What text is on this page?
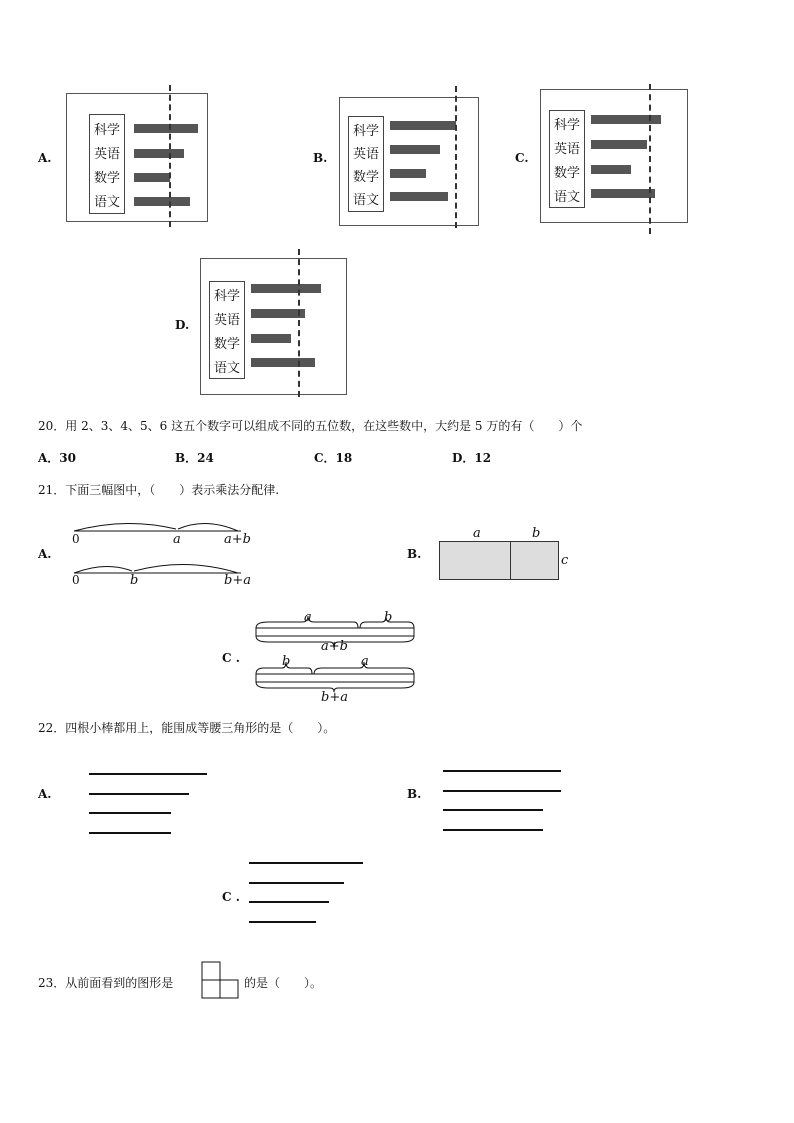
A.
科学
英语
数学
语文
B.
科学
英语
数学
语文
C.
科学
英语
数学
语文
D.
科学
英语
数学
语文
20．用 2、3、4、5、6 这五个数字可以组成不同的五位数，在这些数中，大约是 5 万的有（　　）个
A．30	B．24	C．18	D．12
21．下面三幅图中，（　　）表示乘法分配律.
A.
0	a	a+b
0	b	b+a
B.
a	b
c
C .
a	b
a+b
b	a
b+a
22．四根小棒都用上，能围成等腰三角形的是（　　）。
A.	B.
C .
23．从前面看到的图形是	的是（　　）。
